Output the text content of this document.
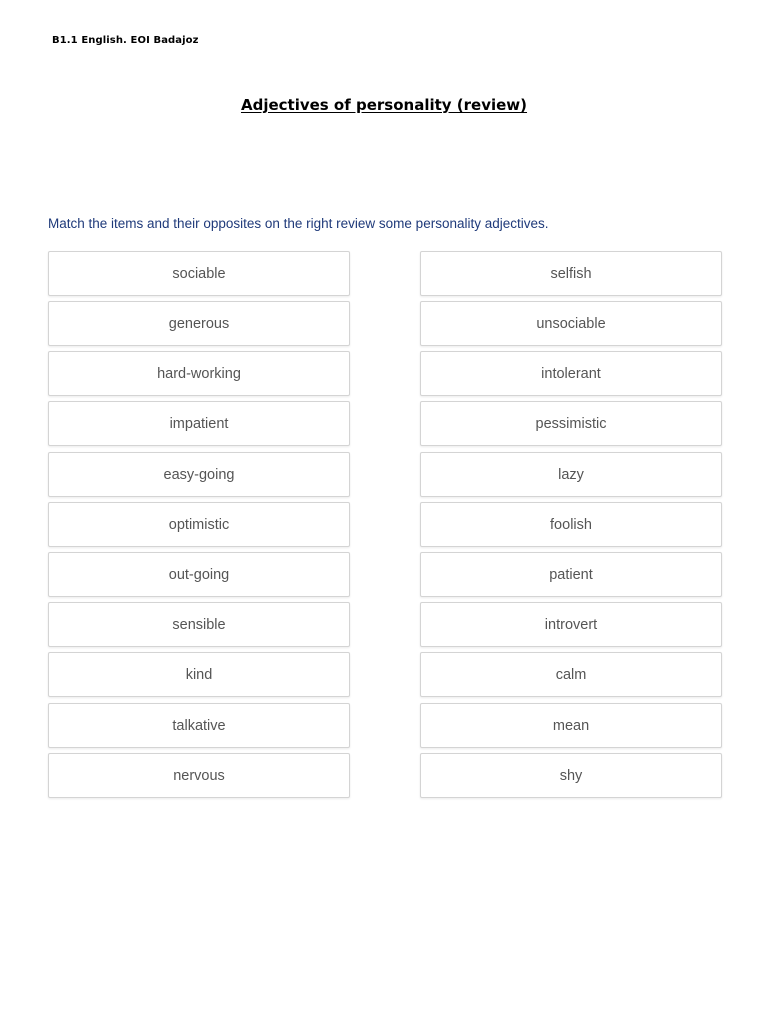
B1.1 English. EOI Badajoz
Adjectives of personality (review)
Match the items and their opposites on the right review some personality adjectives.
sociable
generous
hard-working
impatient
easy-going
optimistic
out-going
sensible
kind
talkative
nervous
selfish
unsociable
intolerant
pessimistic
lazy
foolish
patient
introvert
calm
mean
shy
